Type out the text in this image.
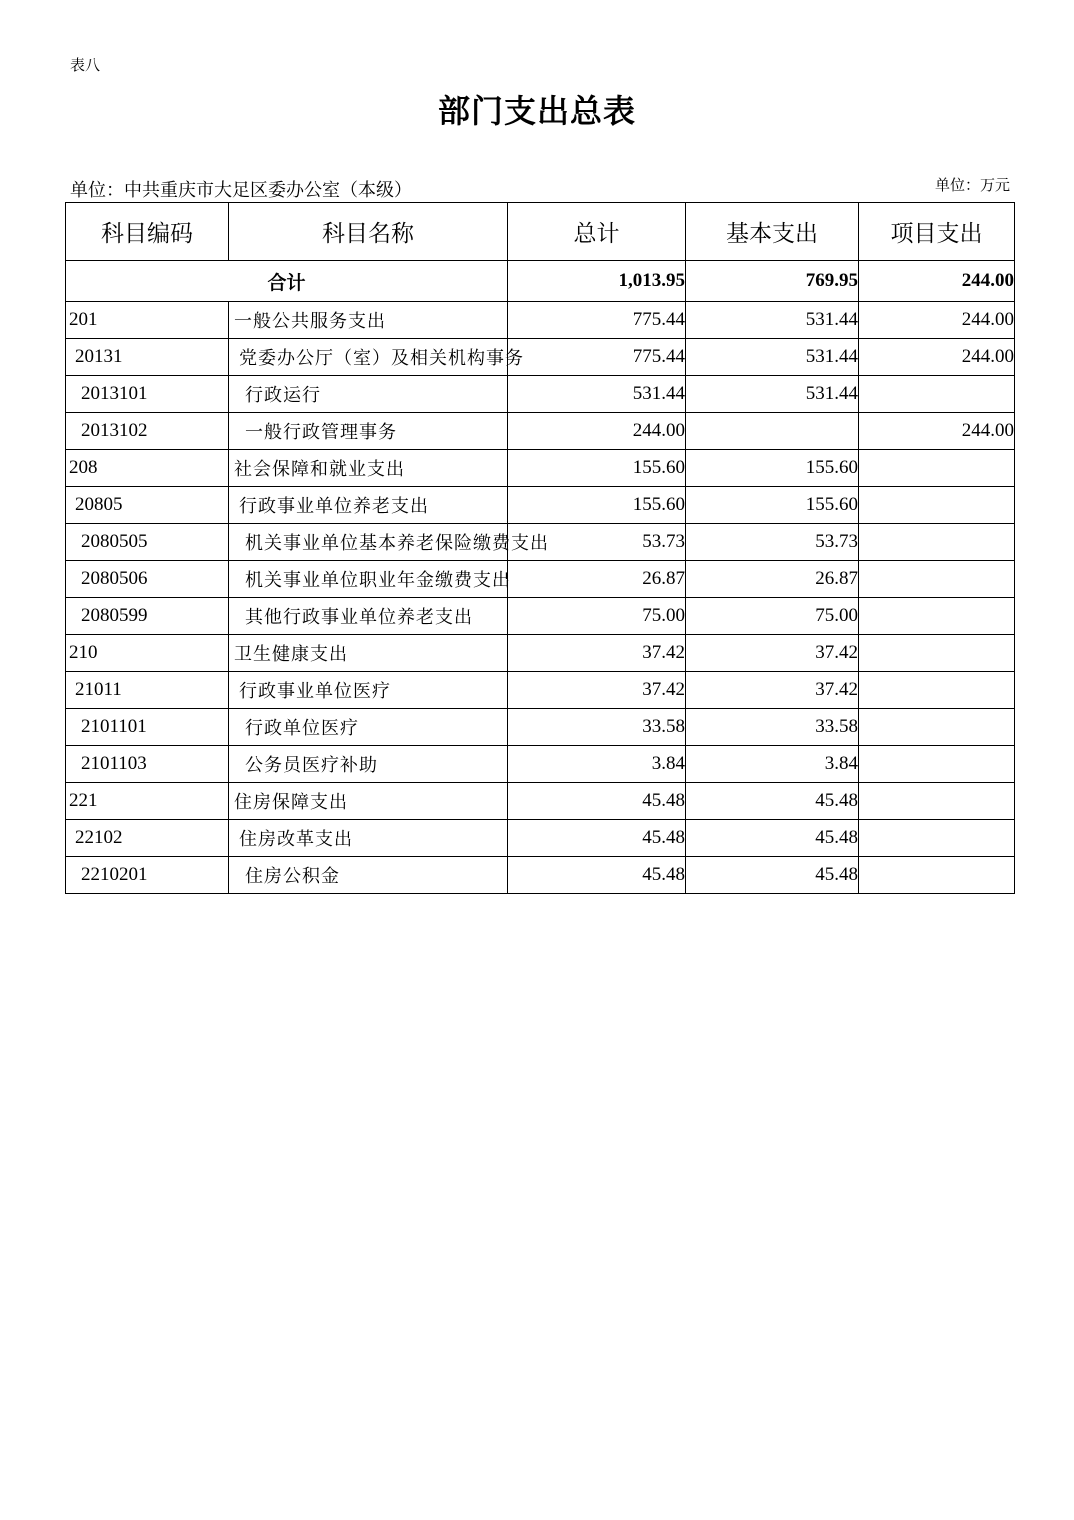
表八
部门支出总表
单位：中共重庆市大足区委办公室（本级）	单位：万元
科目编码	科目名称	总计	基本支出	项目支出
合计		1,013.95	769.95	244.00
201	一般公共服务支出	775.44	531.44	244.00
20131	党委办公厅（室）及相关机构事务	775.44	531.44	244.00
2013101	行政运行	531.44	531.44	
2013102	一般行政管理事务	244.00		244.00
208	社会保障和就业支出	155.60	155.60	
20805	行政事业单位养老支出	155.60	155.60	
2080505	机关事业单位基本养老保险缴费支出	53.73	53.73	
2080506	机关事业单位职业年金缴费支出	26.87	26.87	
2080599	其他行政事业单位养老支出	75.00	75.00	
210	卫生健康支出	37.42	37.42	
21011	行政事业单位医疗	37.42	37.42	
2101101	行政单位医疗	33.58	33.58	
2101103	公务员医疗补助	3.84	3.84	
221	住房保障支出	45.48	45.48	
22102	住房改革支出	45.48	45.48	
2210201	住房公积金	45.48	45.48	
